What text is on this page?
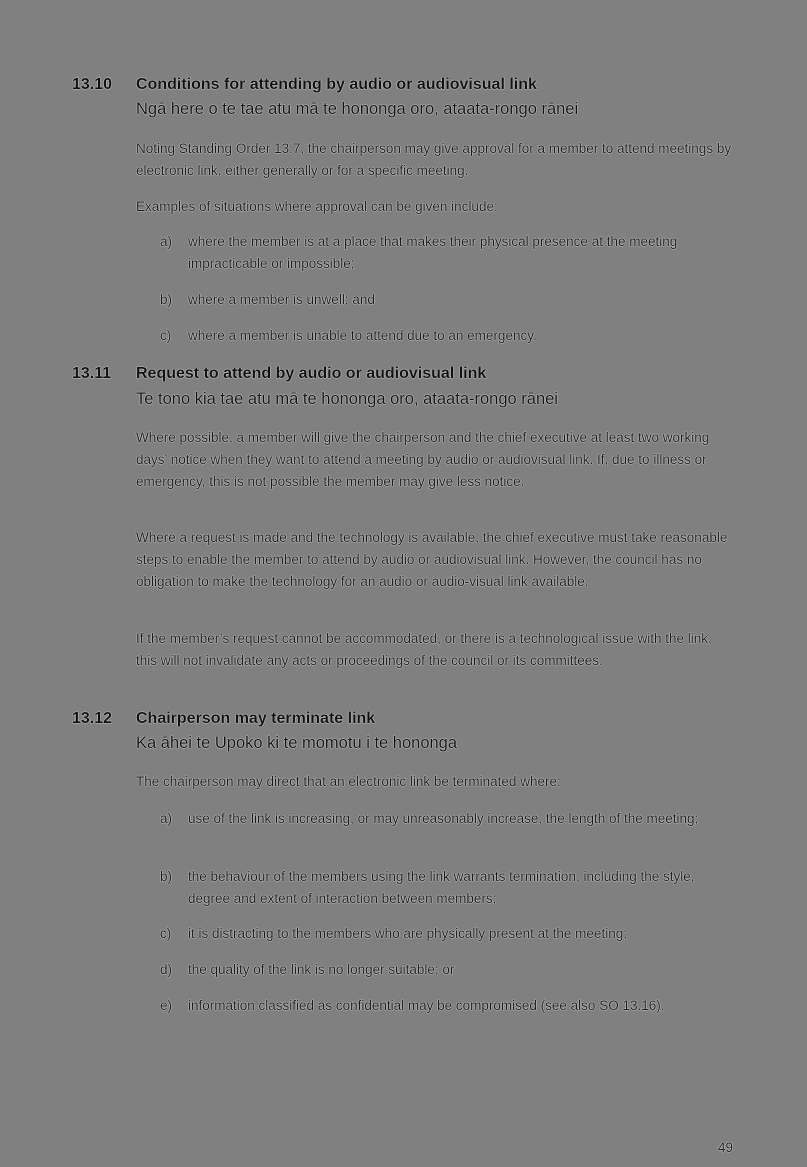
13.10 Conditions for attending by audio or audiovisual link
Ngā here o te tae atu mā te hononga oro, ataata-rongo rānei
Noting Standing Order 13.7, the chairperson may give approval for a member to attend meetings by electronic link, either generally or for a specific meeting.
Examples of situations where approval can be given include:
a) where the member is at a place that makes their physical presence at the meeting impracticable or impossible;
b) where a member is unwell; and
c) where a member is unable to attend due to an emergency.
13.11 Request to attend by audio or audiovisual link
Te tono kia tae atu mā te hononga oro, ataata-rongo rānei
Where possible, a member will give the chairperson and the chief executive at least two working days’ notice when they want to attend a meeting by audio or audiovisual link. If, due to illness or emergency, this is not possible the member may give less notice.
Where a request is made and the technology is available, the chief executive must take reasonable steps to enable the member to attend by audio or audiovisual link. However, the council has no obligation to make the technology for an audio or audio-visual link available.
If the member’s request cannot be accommodated, or there is a technological issue with the link, this will not invalidate any acts or proceedings of the council or its committees.
13.12 Chairperson may terminate link
Ka āhei te Upoko ki te momotu i te hononga
The chairperson may direct that an electronic link be terminated where:
a) use of the link is increasing, or may unreasonably increase, the length of the meeting;
b) the behaviour of the members using the link warrants termination, including the style, degree and extent of interaction between members;
c) it is distracting to the members who are physically present at the meeting;
d) the quality of the link is no longer suitable; or
e) information classified as confidential may be compromised (see also SO 13.16).
49
